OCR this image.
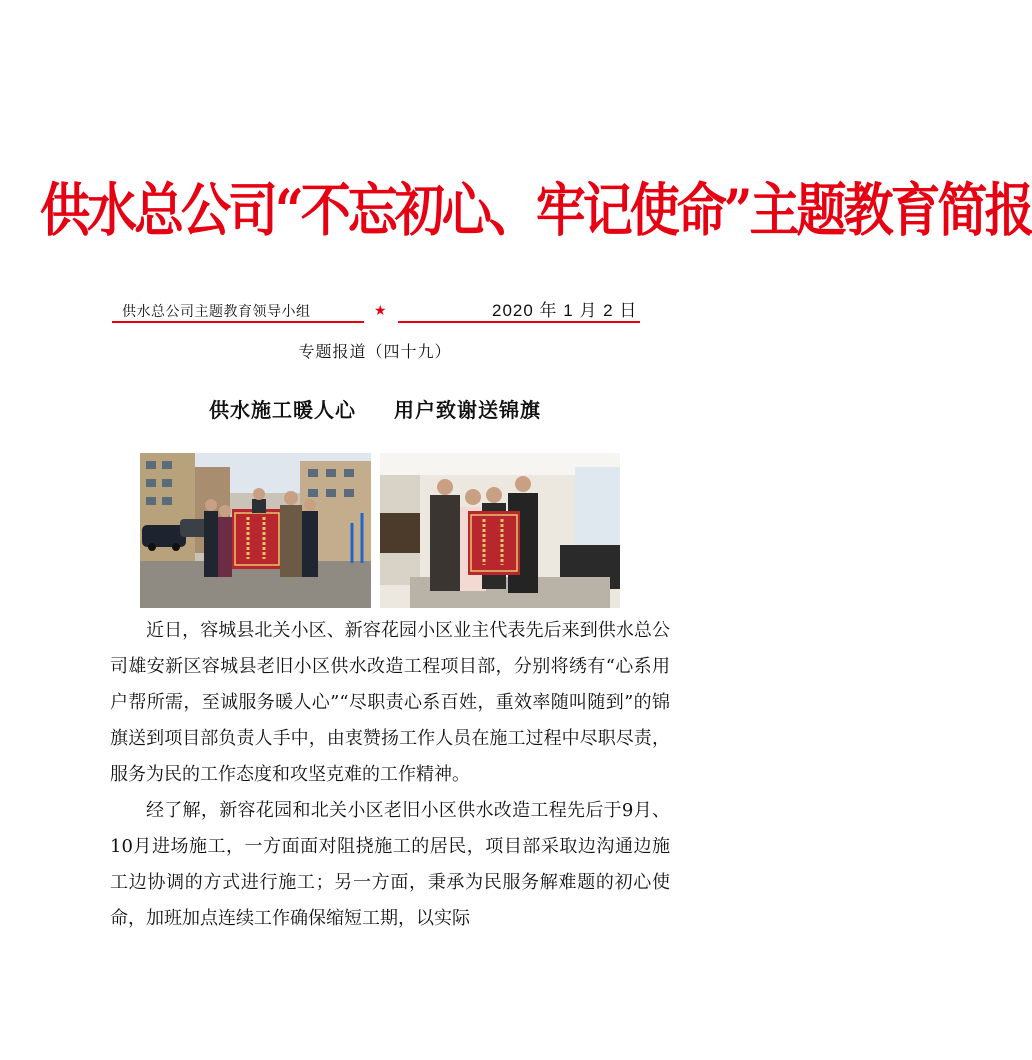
供水总公司“不忘初心、牢记使命”主题教育简报
供水总公司主题教育领导小组	★	2020 年 1 月 2 日
专题报道（四十九）
供水施工暖人心 用户致谢送锦旗

近日，容城县北关小区、新容花园小区业主代表先后来到供水总公司雄安新区容城县老旧小区供水改造工程项目部，分别将绣有“心系用户帮所需，至诚服务暖人心”“尽职责心系百姓，重效率随叫随到”的锦旗送到项目部负责人手中，由衷赞扬工作人员在施工过程中尽职尽责，服务为民的工作态度和攻坚克难的工作精神。

经了解，新容花园和北关小区老旧小区供水改造工程先后于9月、10月进场施工，一方面面对阻挠施工的居民，项目部采取边沟通边施工边协调的方式进行施工；另一方面，秉承为民服务解难题的初心使命，加班加点连续工作确保缩短工期，以实际
